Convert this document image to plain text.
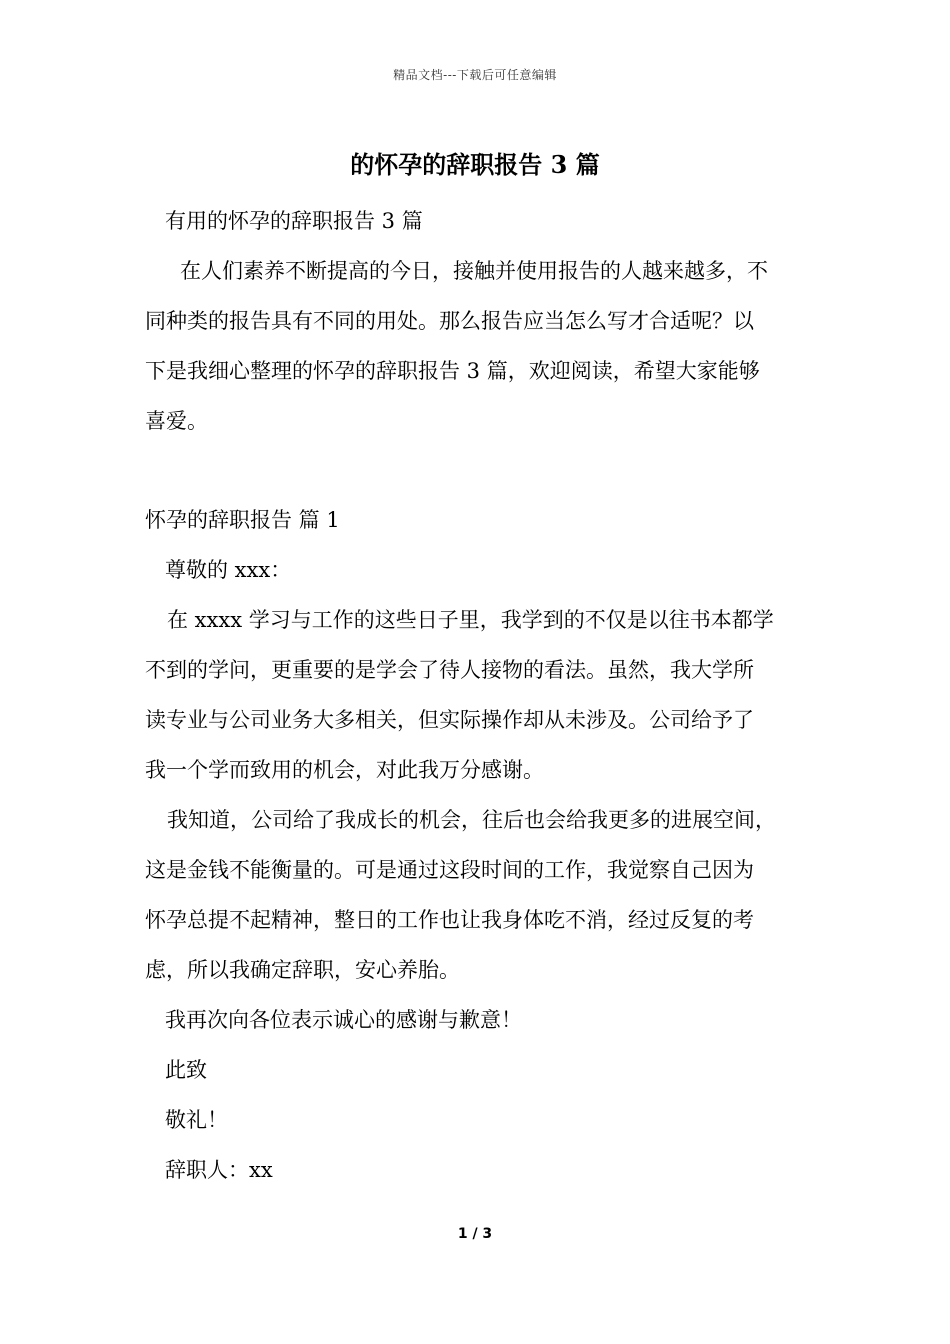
精品文档---下载后可任意编辑
的怀孕的辞职报告 3 篇
有用的怀孕的辞职报告 3 篇
在人们素养不断提高的今日，接触并使用报告的人越来越多，不
同种类的报告具有不同的用处。那么报告应当怎么写才合适呢？以
下是我细心整理的怀孕的辞职报告 3 篇，欢迎阅读，希望大家能够
喜爱。
怀孕的辞职报告 篇 1
尊敬的 xxx：
在 xxxx 学习与工作的这些日子里，我学到的不仅是以往书本都学
不到的学问，更重要的是学会了待人接物的看法。虽然，我大学所
读专业与公司业务大多相关，但实际操作却从未涉及。公司给予了
我一个学而致用的机会，对此我万分感谢。
我知道，公司给了我成长的机会，往后也会给我更多的进展空间，
这是金钱不能衡量的。可是通过这段时间的工作，我觉察自己因为
怀孕总提不起精神，整日的工作也让我身体吃不消，经过反复的考
虑，所以我确定辞职，安心养胎。
我再次向各位表示诚心的感谢与歉意！
此致
敬礼！
辞职人：xx
1 / 3
